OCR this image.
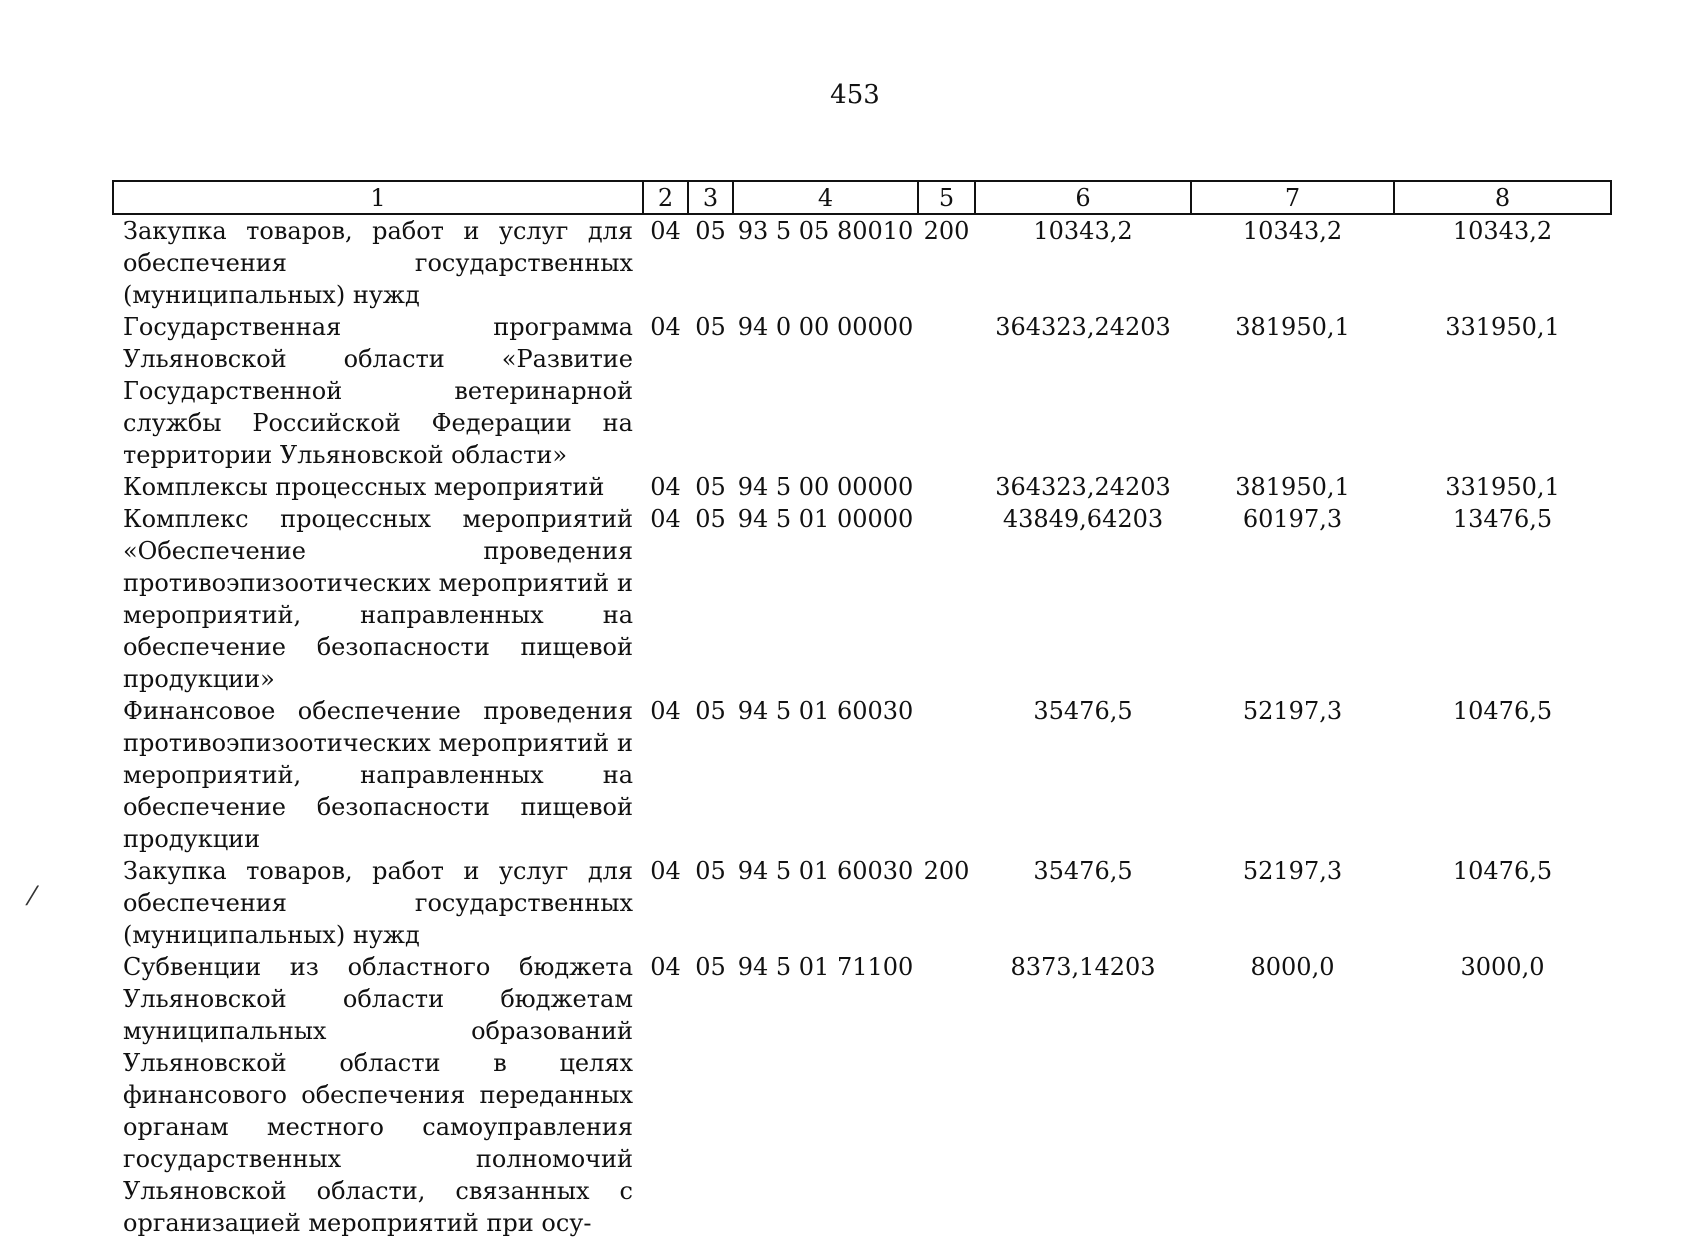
453
⁄
1	2	3	4	5	6	7	8
Закупка товаров, работ и услуг для обеспечения государственных (муниципальных) нужд	04	05	93 5 05 80010	200	10343,2	10343,2	10343,2
Государственная программа Ульяновской области «Развитие Государственной ветеринарной службы Российской Федерации на территории Ульяновской области»	04	05	94 0 00 00000		364323,24203	381950,1	331950,1
Комплексы процессных мероприятий	04	05	94 5 00 00000		364323,24203	381950,1	331950,1
Комплекс процессных мероприятий «Обеспечение проведения противоэпизоотических мероприятий и мероприятий, направленных на обеспечение безопасности пищевой продукции»	04	05	94 5 01 00000		43849,64203	60197,3	13476,5
Финансовое обеспечение проведения противоэпизоотических мероприятий и мероприятий, направленных на обеспечение безопасности пищевой продукции	04	05	94 5 01 60030		35476,5	52197,3	10476,5
Закупка товаров, работ и услуг для обеспечения государственных (муниципальных) нужд	04	05	94 5 01 60030	200	35476,5	52197,3	10476,5
Субвенции из областного бюджета Ульяновской области бюджетам муниципальных образований Ульяновской области в целях финансового обеспечения переданных органам местного самоуправления государственных полномочий Ульяновской области, связанных с организацией мероприятий при осу-	04	05	94 5 01 71100		8373,14203	8000,0	3000,0
